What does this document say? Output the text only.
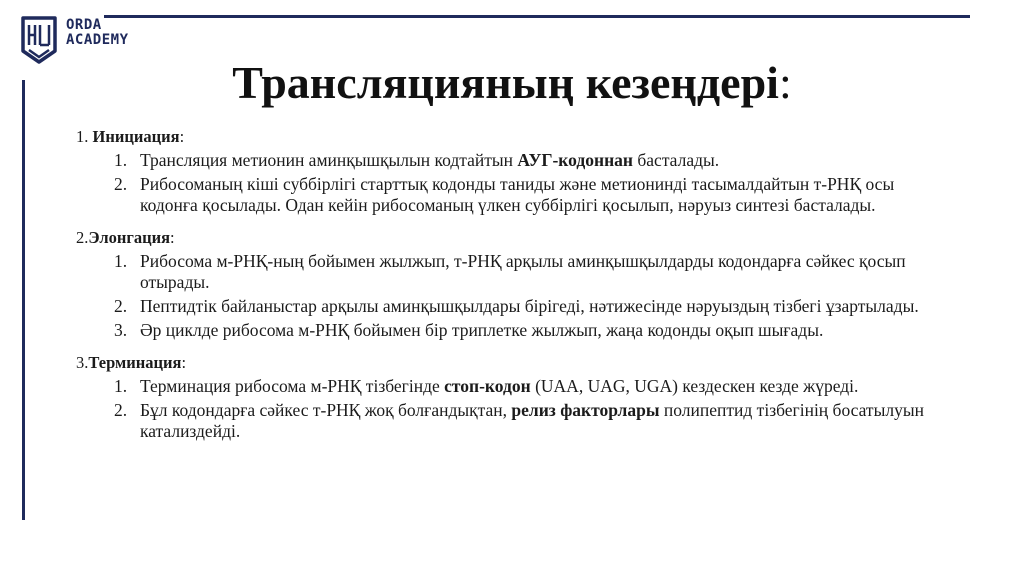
ORDA
ACADEMY
Трансляцияның кезеңдері:
1. Инициация:
1. Трансляция метионин аминқышқылын кодтайтын АУГ-кодоннан басталады.
2. Рибосоманың кіші суббірлігі старттық кодонды таниды және метионинді тасымалдайтын т-РНҚ осы кодонға қосылады. Одан кейін рибосоманың үлкен суббірлігі қосылып, нәруыз синтезі басталады.
2.Элонгация:
1. Рибосома м-РНҚ-ның бойымен жылжып, т-РНҚ арқылы аминқышқылдарды кодондарға сәйкес қосып отырады.
2. Пептидтік байланыстар арқылы аминқышқылдары бірігеді, нәтижесінде нәруыздың тізбегі ұзартылады.
3. Әр циклде рибосома м-РНҚ бойымен бір триплетке жылжып, жаңа кодонды оқып шығады.
3.Терминация:
1. Терминация рибосома м-РНҚ тізбегінде стоп-кодон (UAA, UAG, UGA) кездескен кезде жүреді.
2. Бұл кодондарға сәйкес т-РНҚ жоқ болғандықтан, релиз факторлары полипептид тізбегінің босатылуын катализдейді.
